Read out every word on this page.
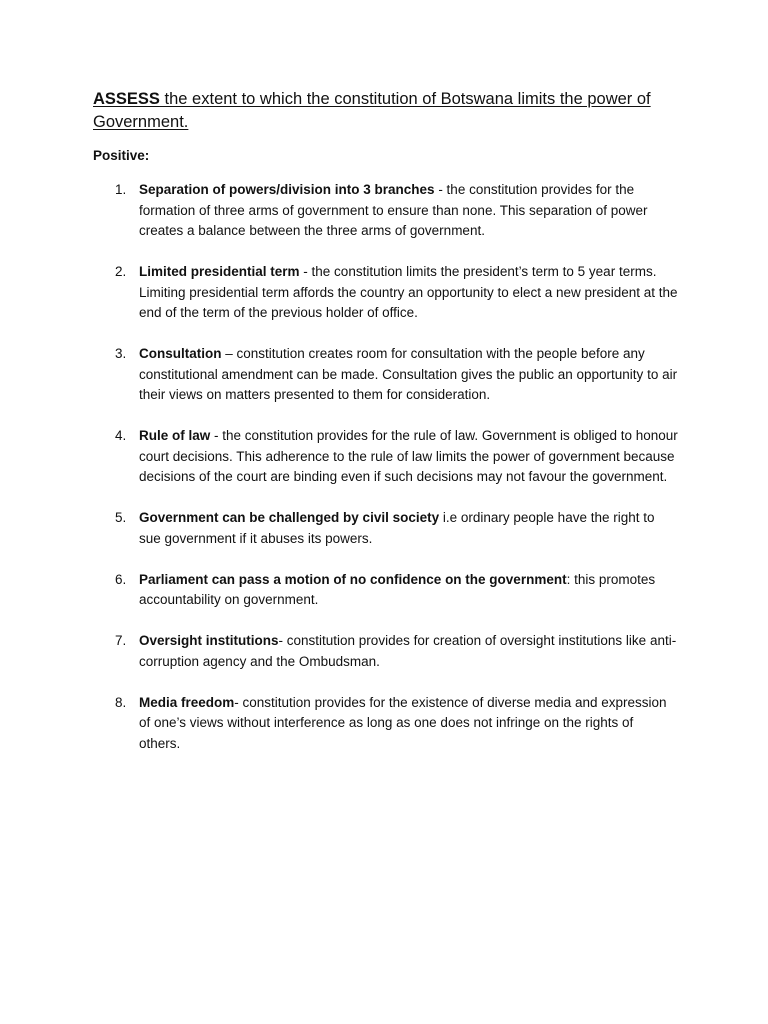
ASSESS the extent to which the constitution of Botswana limits the power of Government.

Positive:

1. Separation of powers/division into 3 branches - the constitution provides for the formation of three arms of government to ensure than none. This separation of power creates a balance between the three arms of government.
2. Limited presidential term - the constitution limits the president’s term to 5 year terms. Limiting presidential term affords the country an opportunity to elect a new president at the end of the term of the previous holder of office.
3. Consultation – constitution creates room for consultation with the people before any constitutional amendment can be made. Consultation gives the public an opportunity to air their views on matters presented to them for consideration.
4. Rule of law - the constitution provides for the rule of law. Government is obliged to honour court decisions. This adherence to the rule of law limits the power of government because decisions of the court are binding even if such decisions may not favour the government.
5. Government can be challenged by civil society i.e ordinary people have the right to sue government if it abuses its powers.
6. Parliament can pass a motion of no confidence on the government: this promotes accountability on government.
7. Oversight institutions- constitution provides for creation of oversight institutions like anti-corruption agency and the Ombudsman.
8. Media freedom- constitution provides for the existence of diverse media and expression of one’s views without interference as long as one does not infringe on the rights of others.
